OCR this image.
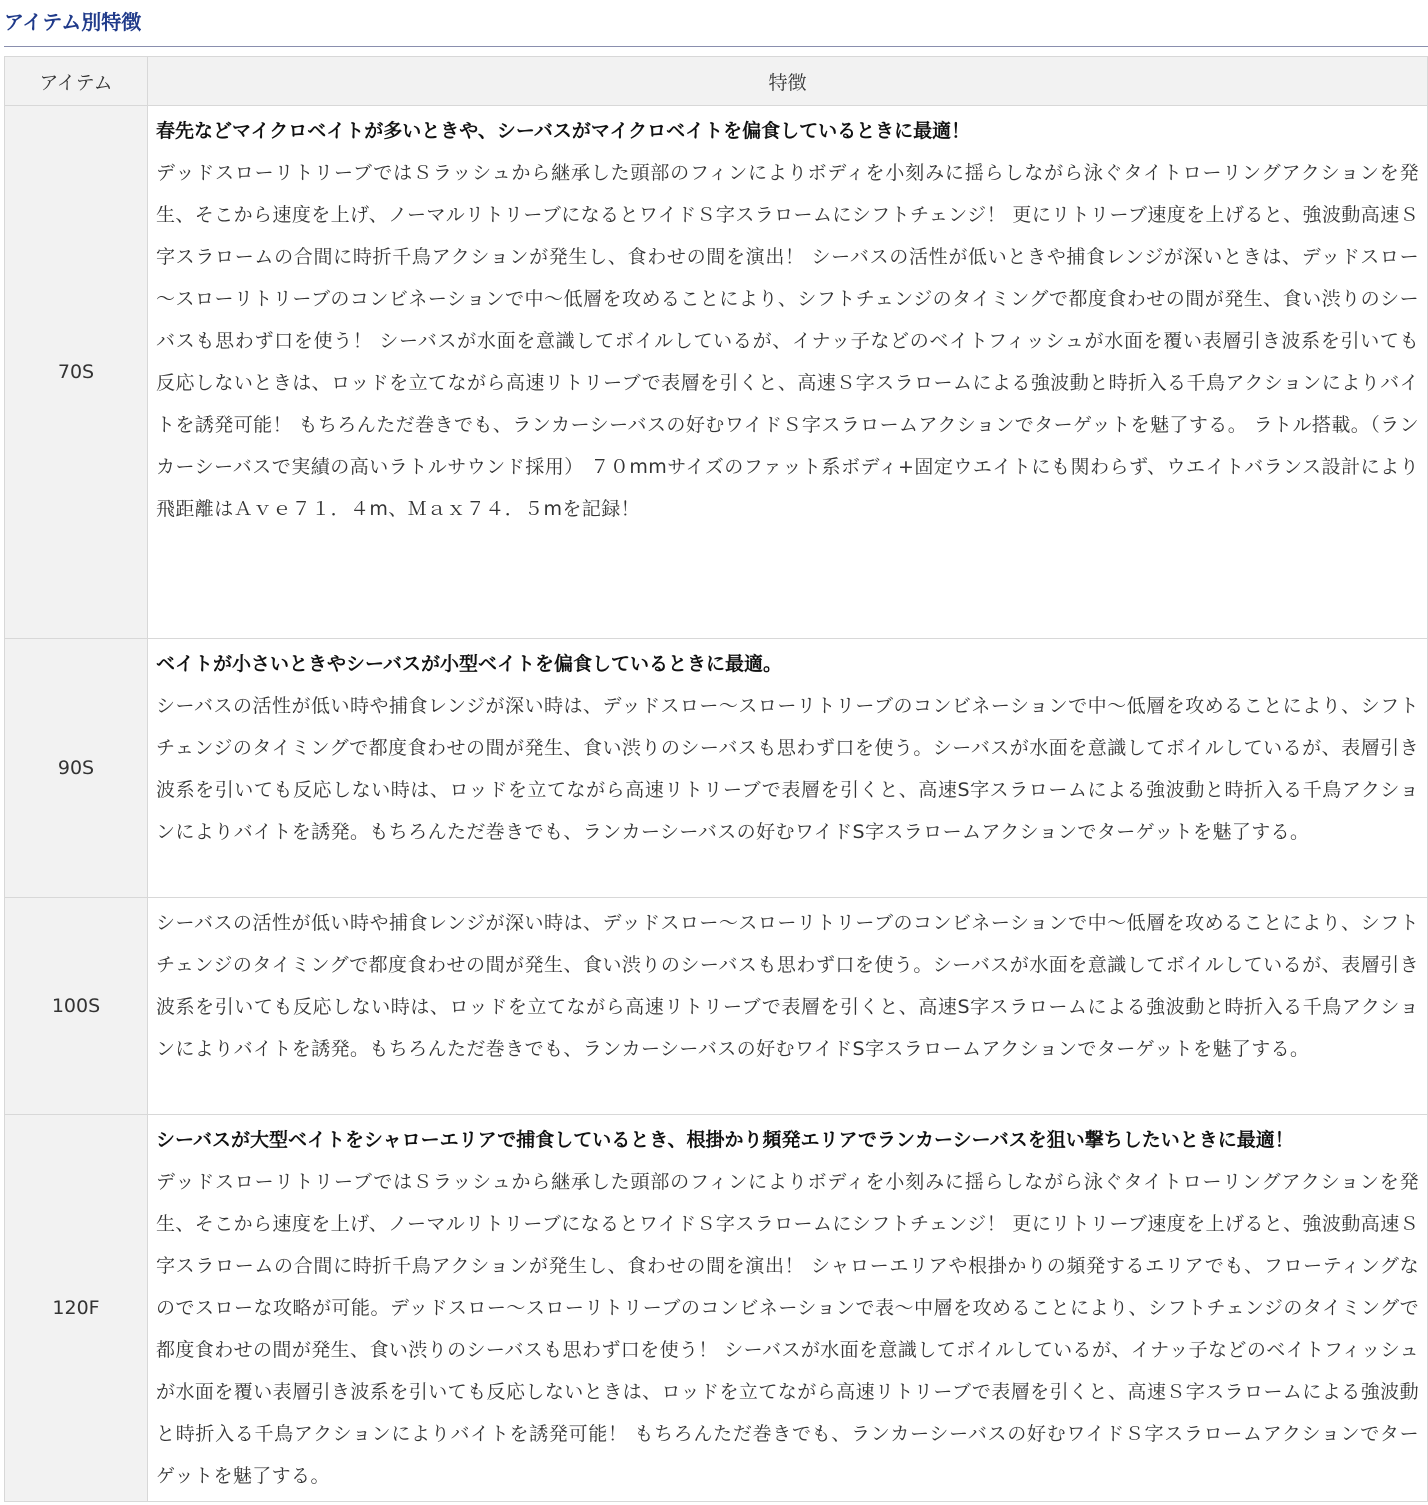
アイテム別特徴
アイテム	特徴
70S	春先などマイクロベイトが多いときや、シーバスがマイクロベイトを偏食しているときに最適！
デッドスローリトリーブではＳラッシュから継承した頭部のフィンによりボディを小刻みに揺らしながら泳ぐタイトローリングアクションを発生、そこから速度を上げ、ノーマルリトリーブになるとワイドＳ字スラロームにシフトチェンジ！ 更にリトリーブ速度を上げると、強波動高速Ｓ字スラロームの合間に時折千鳥アクションが発生し、食わせの間を演出！ シーバスの活性が低いときや捕食レンジが深いときは、デッドスロー～スローリトリーブのコンビネーションで中～低層を攻めることにより、シフトチェンジのタイミングで都度食わせの間が発生、食い渋りのシーバスも思わず口を使う！ シーバスが水面を意識してボイルしているが、イナッ子などのベイトフィッシュが水面を覆い表層引き波系を引いても反応しないときは、ロッドを立てながら高速リトリーブで表層を引くと、高速Ｓ字スラロームによる強波動と時折入る千鳥アクションによりバイトを誘発可能！ もちろんただ巻きでも、ランカーシーバスの好むワイドＳ字スラロームアクションでターゲットを魅了する。 ラトル搭載。（ランカーシーバスで実績の高いラトルサウンド採用） ７０mmサイズのファット系ボディ+固定ウエイトにも関わらず、ウエイトバランス設計により飛距離はＡｖｅ７１．４m、Ｍａｘ７４．５mを記録！

90S	ベイトが小さいときやシーバスが小型ベイトを偏食しているときに最適。
シーバスの活性が低い時や捕食レンジが深い時は、デッドスロー～スローリトリーブのコンビネーションで中～低層を攻めることにより、シフトチェンジのタイミングで都度食わせの間が発生、食い渋りのシーバスも思わず口を使う。シーバスが水面を意識してボイルしているが、表層引き波系を引いても反応しない時は、ロッドを立てながら高速リトリーブで表層を引くと、高速S字スラロームによる強波動と時折入る千鳥アクションによりバイトを誘発。もちろんただ巻きでも、ランカーシーバスの好むワイドS字スラロームアクションでターゲットを魅了する。

100S	シーバスの活性が低い時や捕食レンジが深い時は、デッドスロー～スローリトリーブのコンビネーションで中～低層を攻めることにより、シフトチェンジのタイミングで都度食わせの間が発生、食い渋りのシーバスも思わず口を使う。シーバスが水面を意識してボイルしているが、表層引き波系を引いても反応しない時は、ロッドを立てながら高速リトリーブで表層を引くと、高速S字スラロームによる強波動と時折入る千鳥アクションによりバイトを誘発。もちろんただ巻きでも、ランカーシーバスの好むワイドS字スラロームアクションでターゲットを魅了する。

120F	シーバスが大型ベイトをシャローエリアで捕食しているとき、根掛かり頻発エリアでランカーシーバスを狙い撃ちしたいときに最適！
デッドスローリトリーブではＳラッシュから継承した頭部のフィンによりボディを小刻みに揺らしながら泳ぐタイトローリングアクションを発生、そこから速度を上げ、ノーマルリトリーブになるとワイドＳ字スラロームにシフトチェンジ！ 更にリトリーブ速度を上げると、強波動高速Ｓ字スラロームの合間に時折千鳥アクションが発生し、食わせの間を演出！ シャローエリアや根掛かりの頻発するエリアでも、フローティングなのでスローな攻略が可能。デッドスロー～スローリトリーブのコンビネーションで表～中層を攻めることにより、シフトチェンジのタイミングで都度食わせの間が発生、食い渋りのシーバスも思わず口を使う！ シーバスが水面を意識してボイルしているが、イナッ子などのベイトフィッシュが水面を覆い表層引き波系を引いても反応しないときは、ロッドを立てながら高速リトリーブで表層を引くと、高速Ｓ字スラロームによる強波動と時折入る千鳥アクションによりバイトを誘発可能！ もちろんただ巻きでも、ランカーシーバスの好むワイドＳ字スラロームアクションでターゲットを魅了する。
